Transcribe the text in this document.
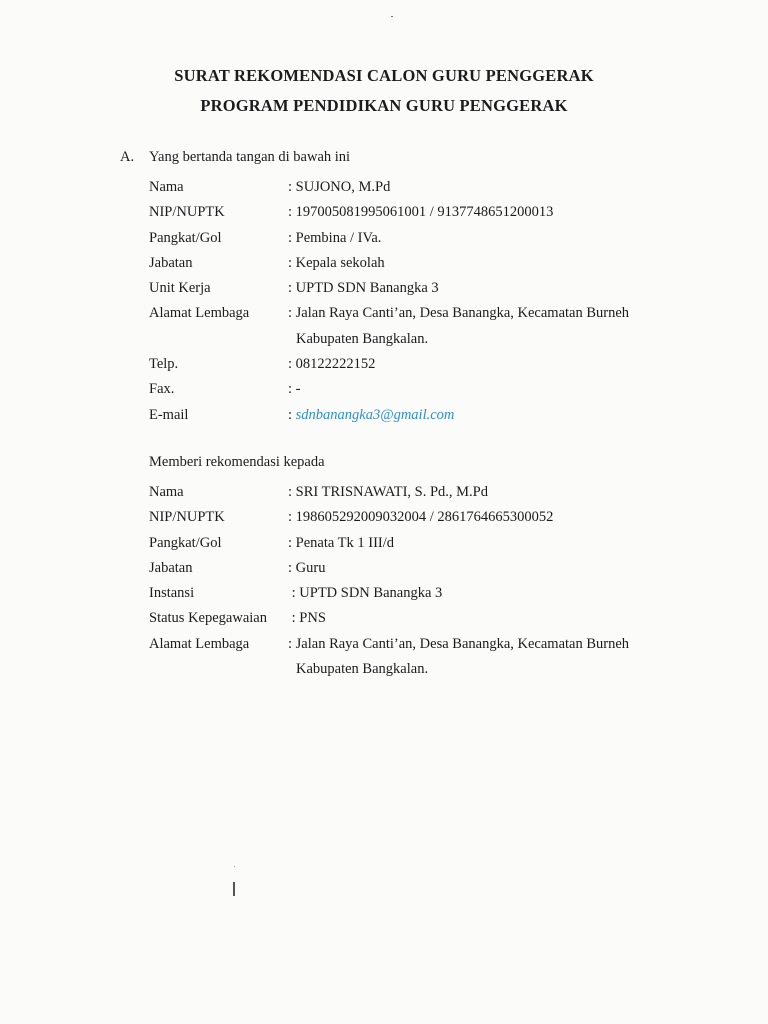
SURAT REKOMENDASI CALON GURU PENGGERAK
PROGRAM PENDIDIKAN GURU PENGGERAK
A. Yang bertanda tangan di bawah ini
Nama	: SUJONO, M.Pd
NIP/NUPTK	: 197005081995061001 / 9137748651200013
Pangkat/Gol	: Pembina / IVa.
Jabatan	: Kepala sekolah
Unit Kerja	: UPTD SDN Banangka 3
Alamat Lembaga	: Jalan Raya Canti’an, Desa Banangka, Kecamatan Burneh
Kabupaten Bangkalan.
Telp.	: 08122222152
Fax.	: -
E-mail	: sdnbanangka3@gmail.com
Memberi rekomendasi kepada
Nama	: SRI TRISNAWATI, S. Pd., M.Pd
NIP/NUPTK	: 198605292009032004 / 2861764665300052
Pangkat/Gol	: Penata Tk 1 III/d
Jabatan	: Guru
Instansi	: UPTD SDN Banangka 3
Status Kepegawaian	: PNS
Alamat Lembaga	: Jalan Raya Canti’an, Desa Banangka, Kecamatan Burneh
Kabupaten Bangkalan.
